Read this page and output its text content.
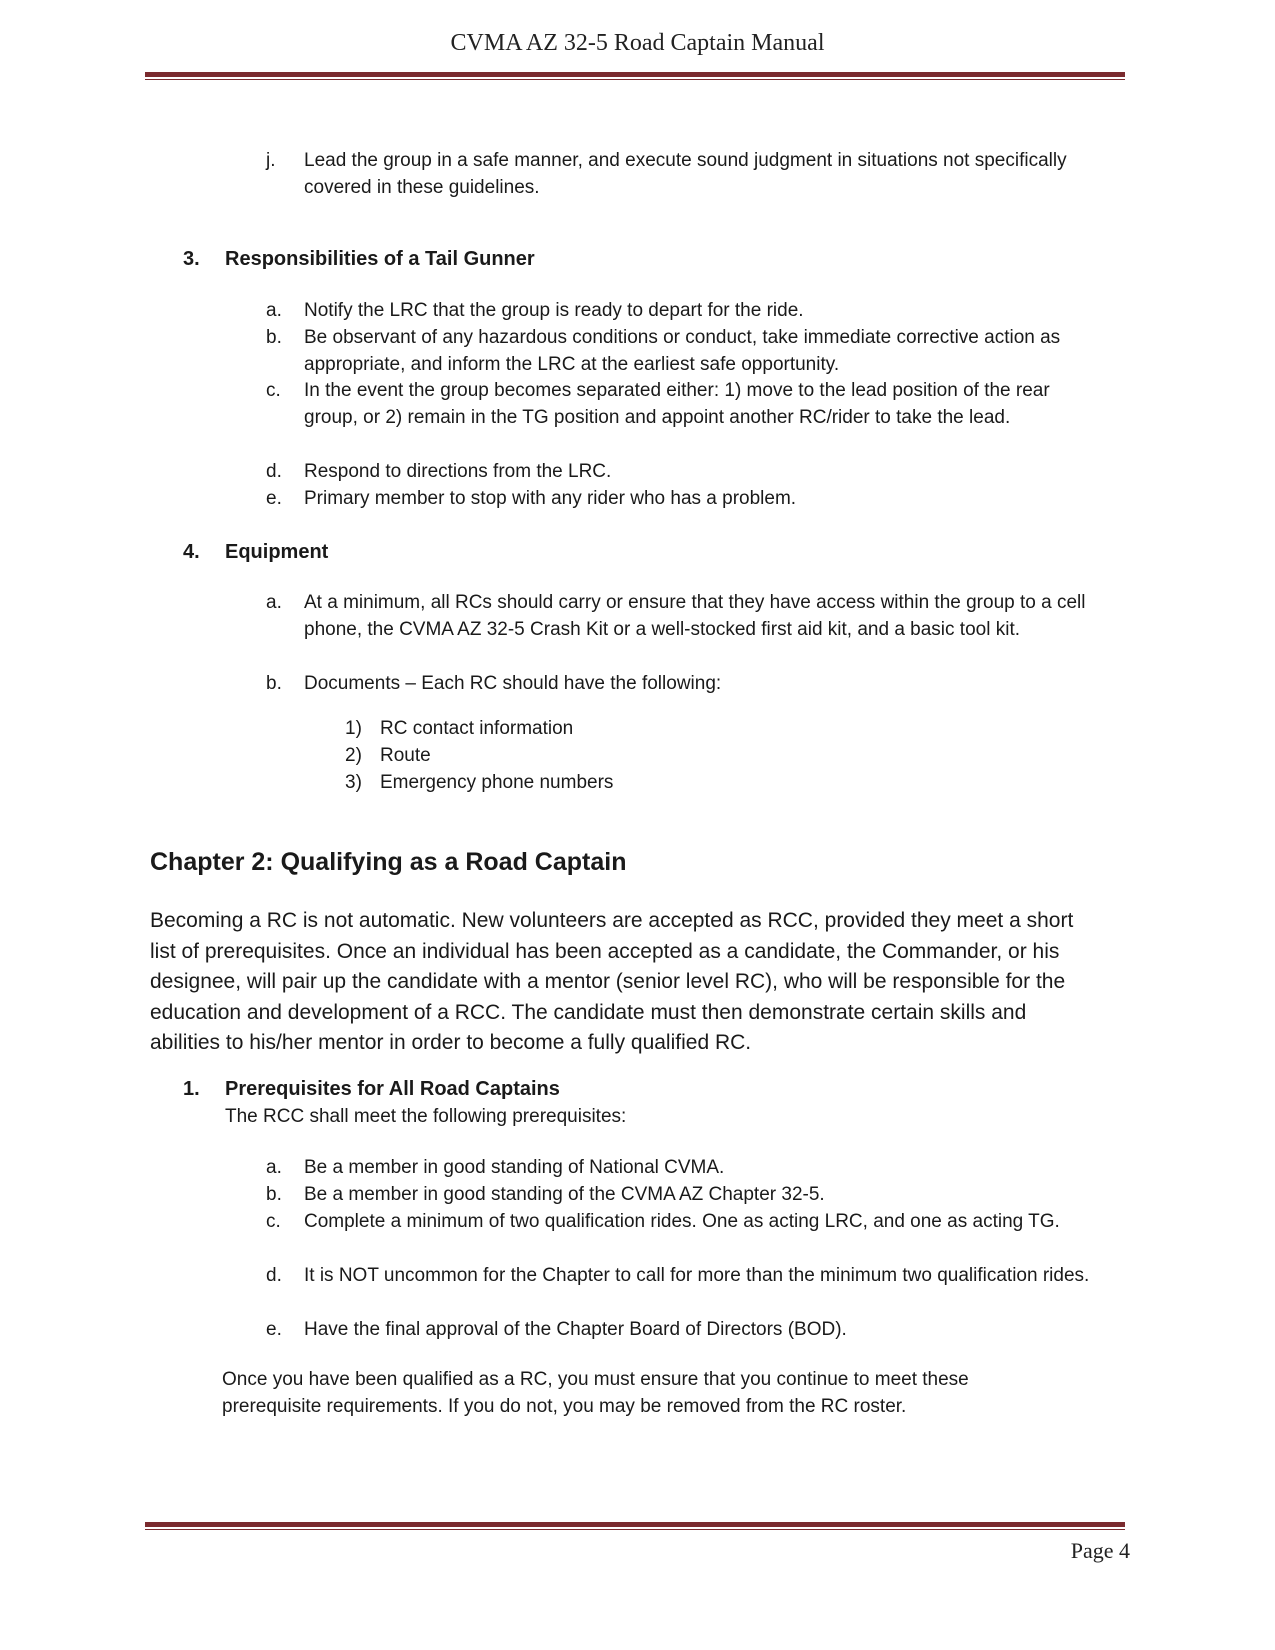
CVMA AZ 32-5 Road Captain Manual
j. Lead the group in a safe manner, and execute sound judgment in situations not specifically covered in these guidelines.
3. Responsibilities of a Tail Gunner
a. Notify the LRC that the group is ready to depart for the ride.
b. Be observant of any hazardous conditions or conduct, take immediate corrective action as appropriate, and inform the LRC at the earliest safe opportunity.
c. In the event the group becomes separated either: 1) move to the lead position of the rear group, or 2) remain in the TG position and appoint another RC/rider to take the lead.
d. Respond to directions from the LRC.
e. Primary member to stop with any rider who has a problem.
4. Equipment
a. At a minimum, all RCs should carry or ensure that they have access within the group to a cell phone, the CVMA AZ 32-5 Crash Kit or a well-stocked first aid kit, and a basic tool kit.
b. Documents – Each RC should have the following:
1) RC contact information
2) Route
3) Emergency phone numbers
Chapter 2: Qualifying as a Road Captain
Becoming a RC is not automatic. New volunteers are accepted as RCC, provided they meet a short list of prerequisites. Once an individual has been accepted as a candidate, the Commander, or his designee, will pair up the candidate with a mentor (senior level RC), who will be responsible for the education and development of a RCC. The candidate must then demonstrate certain skills and abilities to his/her mentor in order to become a fully qualified RC.
1. Prerequisites for All Road Captains
The RCC shall meet the following prerequisites:
a. Be a member in good standing of National CVMA.
b. Be a member in good standing of the CVMA AZ Chapter 32-5.
c. Complete a minimum of two qualification rides. One as acting LRC, and one as acting TG.
d. It is NOT uncommon for the Chapter to call for more than the minimum two qualification rides.
e. Have the final approval of the Chapter Board of Directors (BOD).
Once you have been qualified as a RC, you must ensure that you continue to meet these prerequisite requirements. If you do not, you may be removed from the RC roster.
Page 4
